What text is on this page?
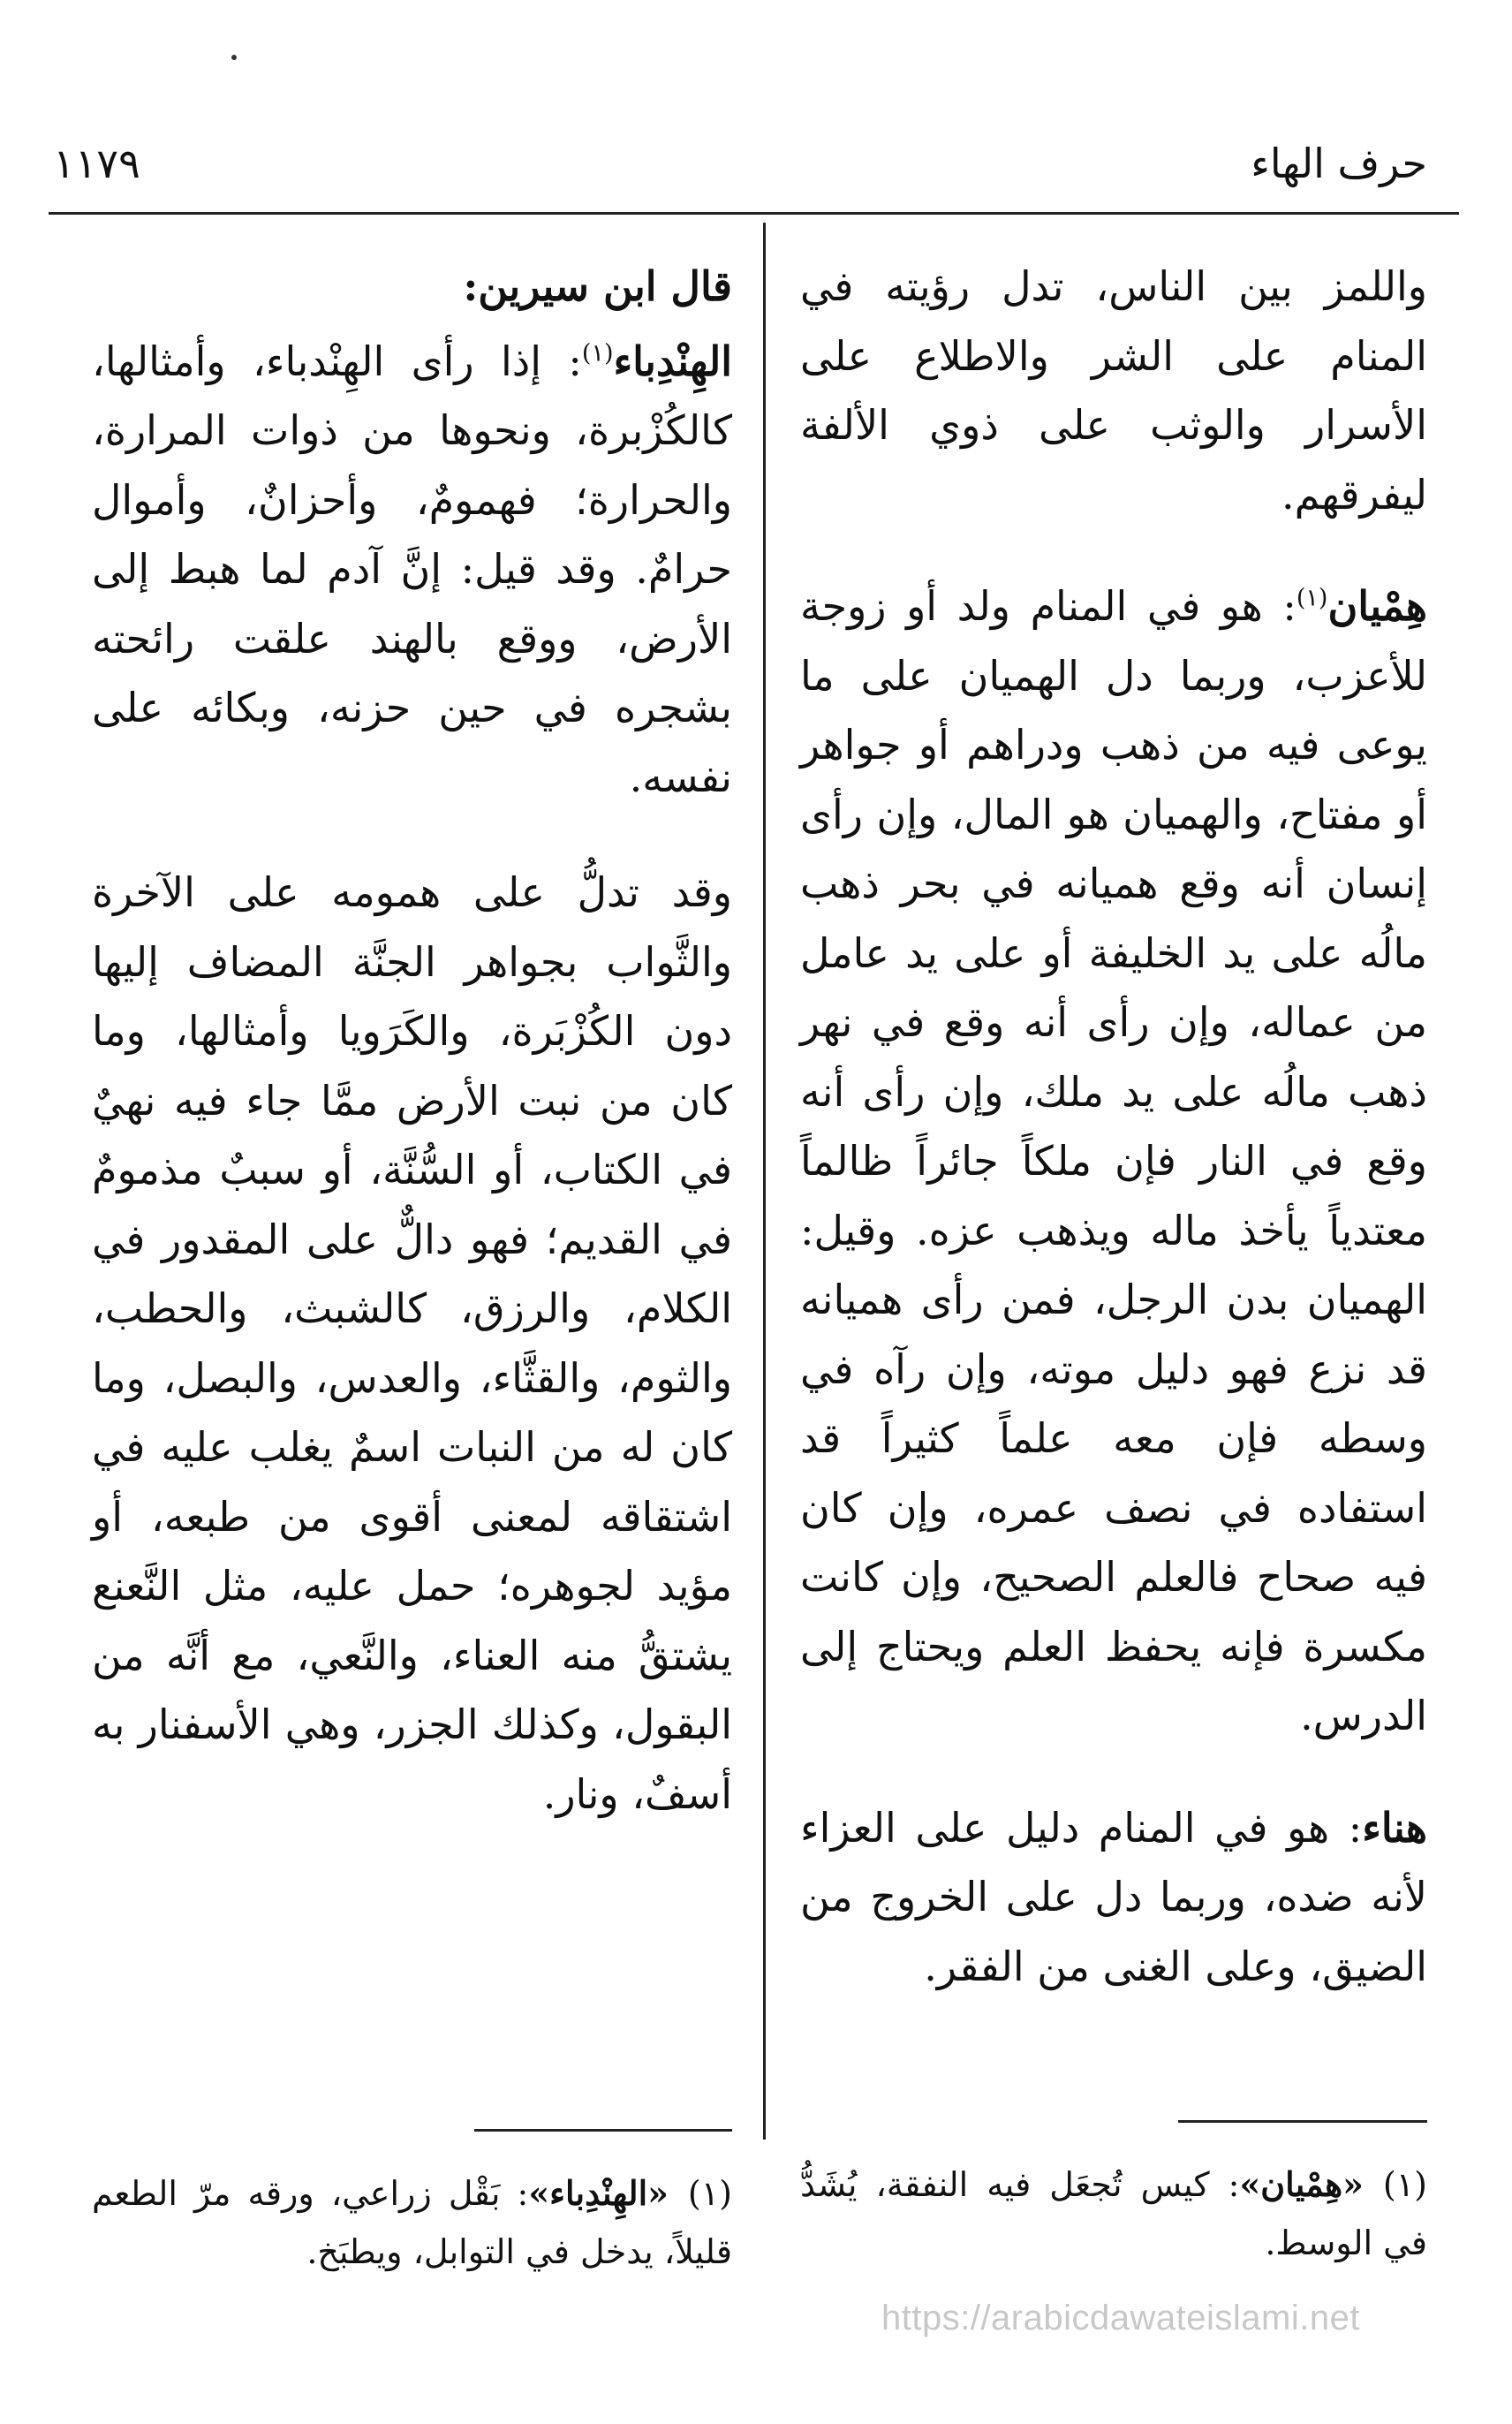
حرف الهاء
١١٧٩

واللمز بين الناس، تدل رؤيته في المنام على الشر والاطلاع على الأسرار والوثب على ذوي الألفة ليفرقهم.

هِمْيان$^{(١)}$: هو في المنام ولد أو زوجة للأعزب، وربما دل الهميان على ما يوعى فيه من ذهب ودراهم أو جواهر أو مفتاح، والهميان هو المال، وإن رأى إنسان أنه وقع هميانه في بحر ذهب مالُه على يد الخليفة أو على يد عامل من عماله، وإن رأى أنه وقع في نهر ذهب مالُه على يد ملك، وإن رأى أنه وقع في النار فإن ملكاً جائراً ظالماً معتدياً يأخذ ماله ويذهب عزه. وقيل: الهميان بدن الرجل، فمن رأى هميانه قد نزع فهو دليل موته، وإن رآه في وسطه فإن معه علماً كثيراً قد استفاده في نصف عمره، وإن كان فيه صحاح فالعلم الصحيح، وإن كانت مكسرة فإنه يحفظ العلم ويحتاج إلى الدرس.

هناء: هو في المنام دليل على العزاء لأنه ضده، وربما دل على الخروج من الضيق، وعلى الغنى من الفقر.

قال ابن سيرين:

الهِنْدِباء$^{(١)}$: إذا رأى الهِنْدباء، وأمثالها، كالكُزْبرة، ونحوها من ذوات المرارة، والحرارة؛ فهمومٌ، وأحزانٌ، وأموال حرامٌ. وقد قيل: إنَّ آدم لما هبط إلى الأرض، ووقع بالهند علقت رائحته بشجره في حين حزنه، وبكائه على نفسه.

وقد تدلُّ على همومه على الآخرة والثَّواب بجواهر الجنَّة المضاف إليها دون الكُزْبَرة، والكَرَويا وأمثالها، وما كان من نبت الأرض ممَّا جاء فيه نهيٌ في الكتاب، أو السُّنَّة، أو سببٌ مذمومٌ في القديم؛ فهو دالٌّ على المقدور في الكلام، والرزق، كالشبث، والحطب، والثوم، والقثَّاء، والعدس، والبصل، وما كان له من النبات اسمٌ يغلب عليه في اشتقاقه لمعنى أقوى من طبعه، أو مؤيد لجوهره؛ حمل عليه، مثل النَّعنع يشتقُّ منه العناء، والنَّعي، مع أنَّه من البقول، وكذلك الجزر، وهي الأسفنار به أسفٌ، ونار.

(١)«هِمْيان»: كيس تُجعَل فيه النفقة، يُشَدُّ في الوسط.
(١)«الهِنْدِباء»: بَقْل زراعي، ورقه مرّ الطعم قليلاً، يدخل في التوابل، ويطبَخ.
https://arabicdawateislami.net
